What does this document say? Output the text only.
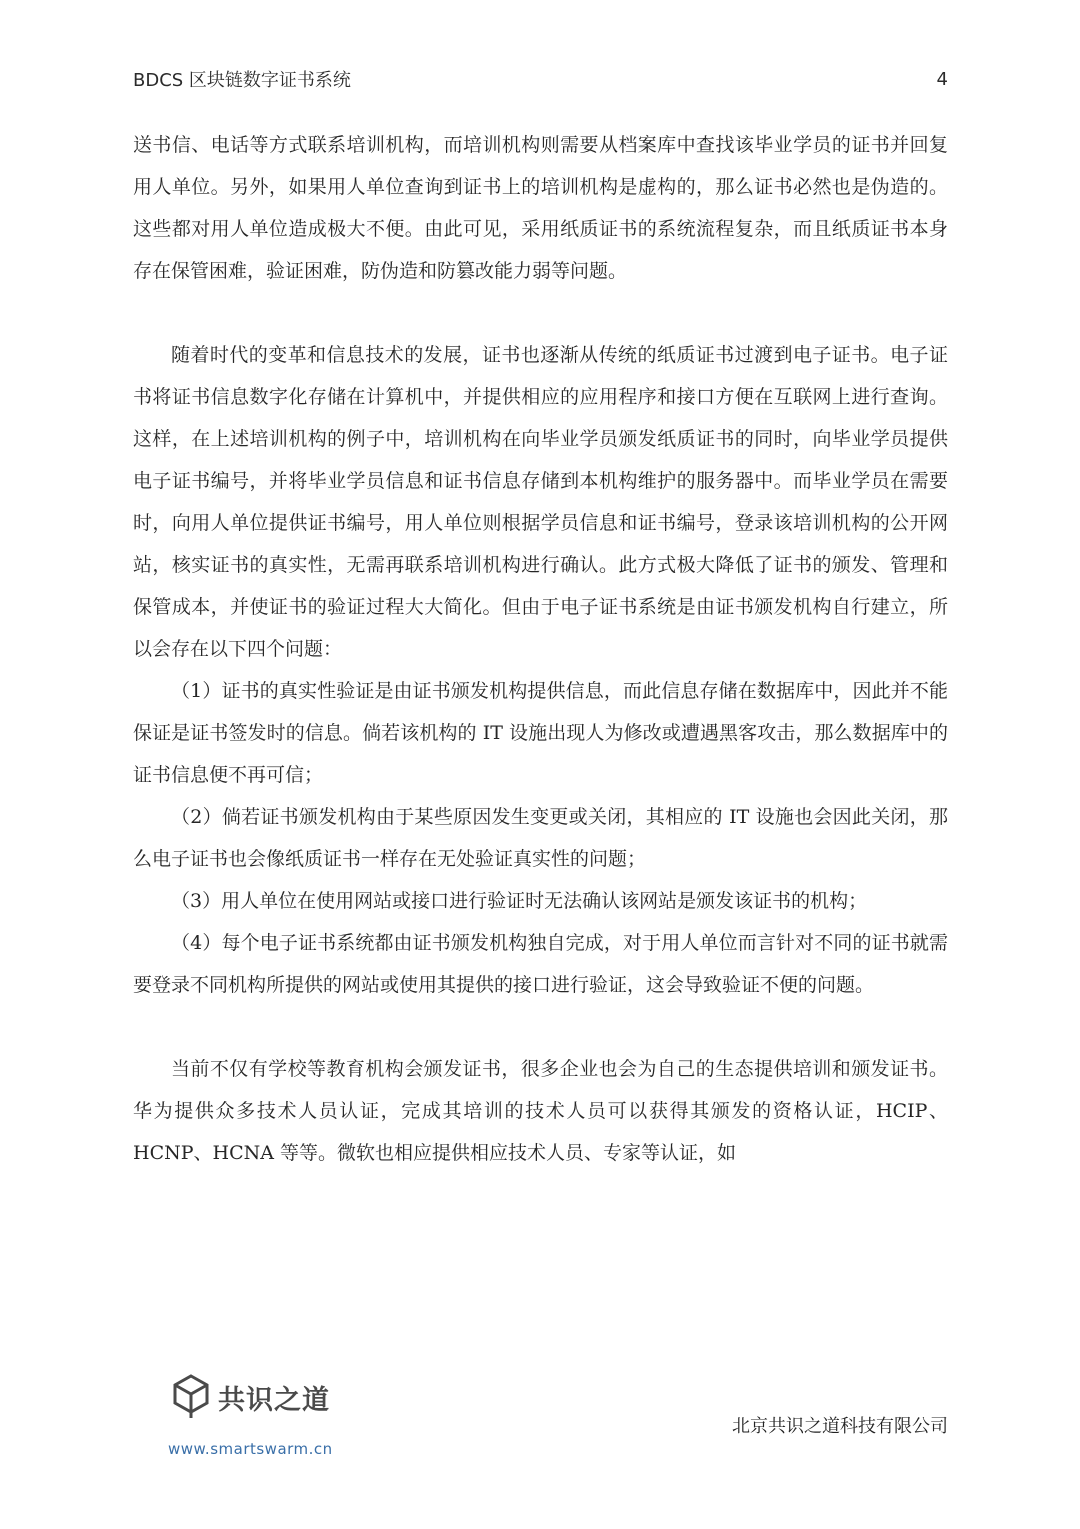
BDCS 区块链数字证书系统	4

送书信、电话等方式联系培训机构，而培训机构则需要从档案库中查找该毕业学员的证书并回复用人单位。另外，如果用人单位查询到证书上的培训机构是虚构的，那么证书必然也是伪造的。这些都对用人单位造成极大不便。由此可见，采用纸质证书的系统流程复杂，而且纸质证书本身存在保管困难，验证困难，防伪造和防篡改能力弱等问题。

随着时代的变革和信息技术的发展，证书也逐渐从传统的纸质证书过渡到电子证书。电子证书将证书信息数字化存储在计算机中，并提供相应的应用程序和接口方便在互联网上进行查询。这样，在上述培训机构的例子中，培训机构在向毕业学员颁发纸质证书的同时，向毕业学员提供电子证书编号，并将毕业学员信息和证书信息存储到本机构维护的服务器中。而毕业学员在需要时，向用人单位提供证书编号，用人单位则根据学员信息和证书编号，登录该培训机构的公开网站，核实证书的真实性，无需再联系培训机构进行确认。此方式极大降低了证书的颁发、管理和保管成本，并使证书的验证过程大大简化。但由于电子证书系统是由证书颁发机构自行建立，所以会存在以下四个问题：

（1）证书的真实性验证是由证书颁发机构提供信息，而此信息存储在数据库中，因此并不能保证是证书签发时的信息。倘若该机构的 IT 设施出现人为修改或遭遇黑客攻击，那么数据库中的证书信息便不再可信；

（2）倘若证书颁发机构由于某些原因发生变更或关闭，其相应的 IT 设施也会因此关闭，那么电子证书也会像纸质证书一样存在无处验证真实性的问题；

（3）用人单位在使用网站或接口进行验证时无法确认该网站是颁发该证书的机构；

（4）每个电子证书系统都由证书颁发机构独自完成，对于用人单位而言针对不同的证书就需要登录不同机构所提供的网站或使用其提供的接口进行验证，这会导致验证不便的问题。

当前不仅有学校等教育机构会颁发证书，很多企业也会为自己的生态提供培训和颁发证书。华为提供众多技术人员认证，完成其培训的技术人员可以获得其颁发的资格认证，HCIP、HCNP、HCNA 等等。微软也相应提供相应技术人员、专家等认证，如

共识之道
www.smartswarm.cn
北京共识之道科技有限公司
